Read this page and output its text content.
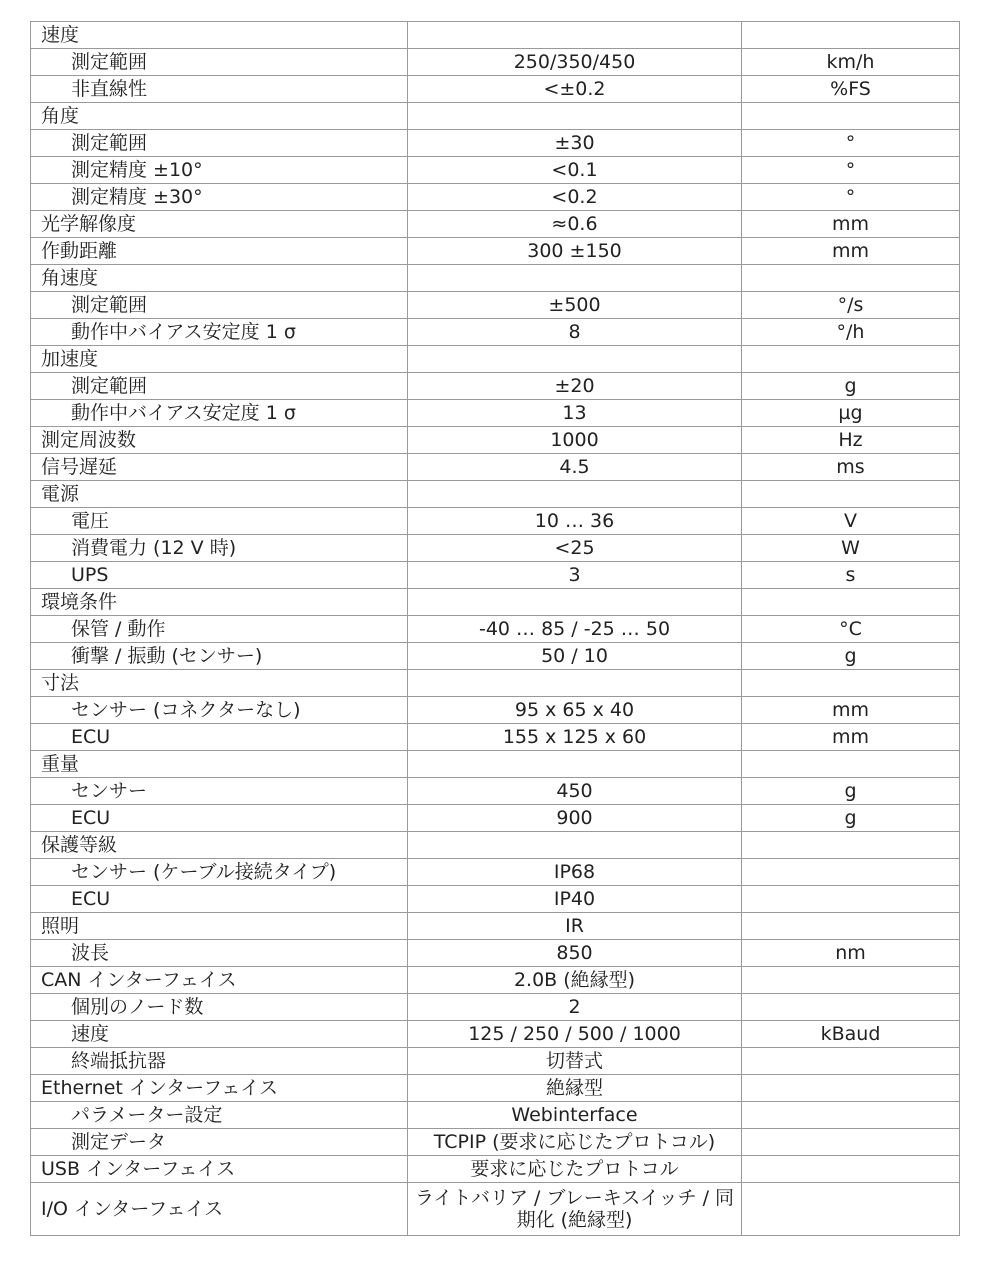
速度		
測定範囲	250/350/450	km/h
非直線性	<±0.2	%FS
角度		
測定範囲	±30	°
測定精度 ±10°	<0.1	°
測定精度 ±30°	<0.2	°
光学解像度	≈0.6	mm
作動距離	300 ±150	mm
角速度		
測定範囲	±500	°/s
動作中バイアス安定度 1 σ	8	°/h
加速度		
測定範囲	±20	g
動作中バイアス安定度 1 σ	13	µg
測定周波数	1000	Hz
信号遅延	4.5	ms
電源		
電圧	10 … 36	V
消費電力 (12 V 時)	<25	W
UPS	3	s
環境条件		
保管 / 動作	-40 … 85 / -25 … 50	°C
衝撃 / 振動 (センサー)	50 / 10	g
寸法		
センサー (コネクターなし)	95 x 65 x 40	mm
ECU	155 x 125 x 60	mm
重量		
センサー	450	g
ECU	900	g
保護等級		
センサー (ケーブル接続タイプ)	IP68	
ECU	IP40	
照明	IR	
波長	850	nm
CAN インターフェイス	2.0B (絶縁型)	
個別のノード数	2	
速度	125 / 250 / 500 / 1000	kBaud
終端抵抗器	切替式	
Ethernet インターフェイス	絶縁型	
パラメーター設定	Webinterface	
測定データ	TCPIP (要求に応じたプロトコル)	
USB インターフェイス	要求に応じたプロトコル	
I/O インターフェイス	ライトバリア / ブレーキスイッチ / 同期化 (絶縁型)	
